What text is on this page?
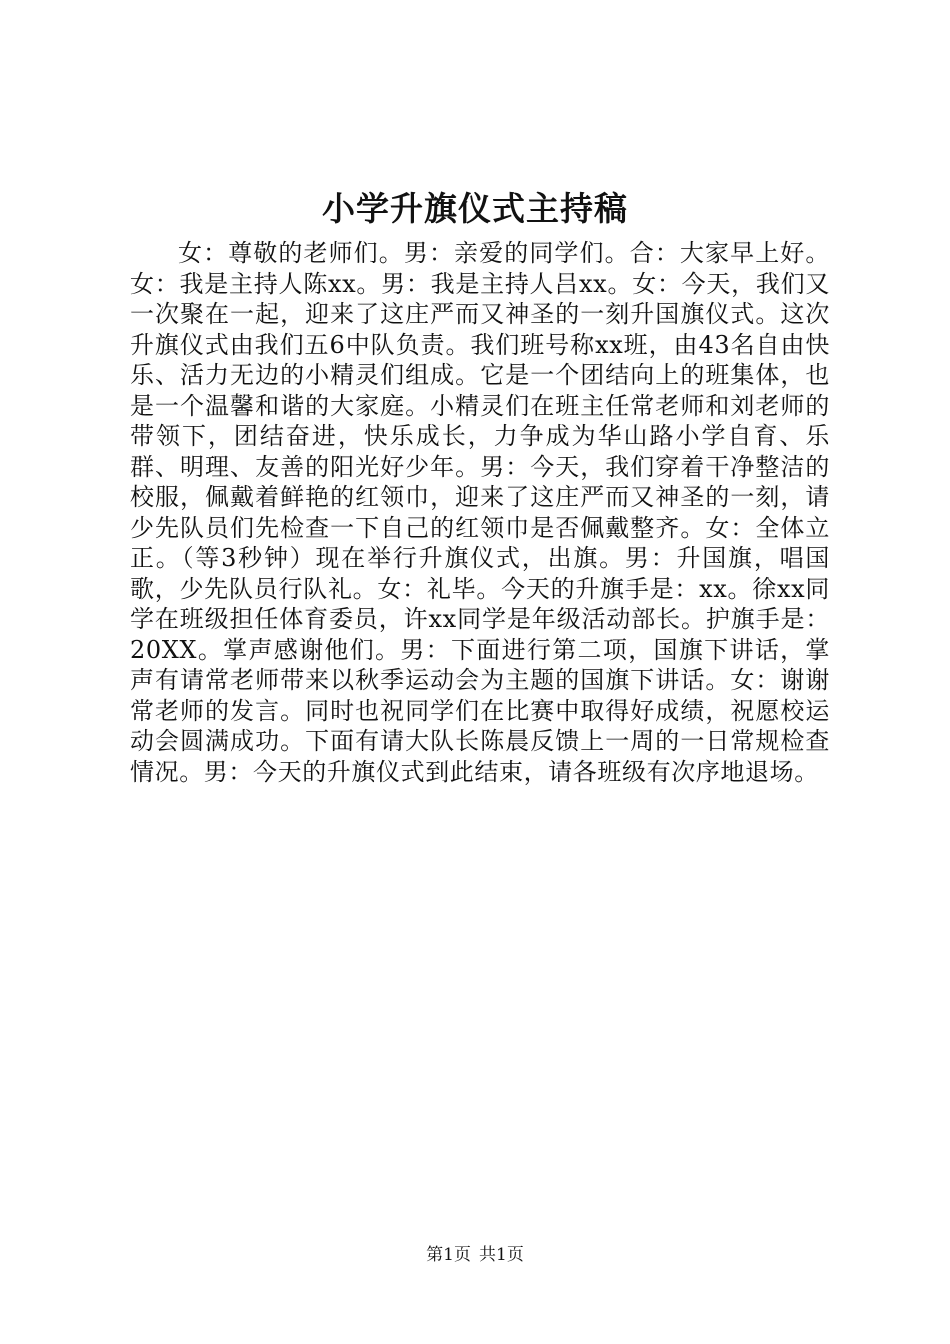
小学升旗仪式主持稿

女：尊敬的老师们。男：亲爱的同学们。合：大家早上好。女：我是主持人陈xx。男：我是主持人吕xx。女：今天，我们又一次聚在一起，迎来了这庄严而又神圣的一刻升国旗仪式。这次升旗仪式由我们五6中队负责。我们班号称xx班，由43名自由快乐、活力无边的小精灵们组成。它是一个团结向上的班集体，也是一个温馨和谐的大家庭。小精灵们在班主任常老师和刘老师的带领下，团结奋进，快乐成长，力争成为华山路小学自育、乐群、明理、友善的阳光好少年。男：今天，我们穿着干净整洁的校服，佩戴着鲜艳的红领巾，迎来了这庄严而又神圣的一刻，请少先队员们先检查一下自己的红领巾是否佩戴整齐。女：全体立正。（等3秒钟）现在举行升旗仪式，出旗。男：升国旗，唱国歌，少先队员行队礼。女：礼毕。今天的升旗手是：xx。徐xx同学在班级担任体育委员，许xx同学是年级活动部长。护旗手是：20XX。掌声感谢他们。男：下面进行第二项，国旗下讲话，掌声有请常老师带来以秋季运动会为主题的国旗下讲话。女：谢谢常老师的发言。同时也祝同学们在比赛中取得好成绩，祝愿校运动会圆满成功。下面有请大队长陈晨反馈上一周的一日常规检查情况。男：今天的升旗仪式到此结束，请各班级有次序地退场。

第1页 共1页
